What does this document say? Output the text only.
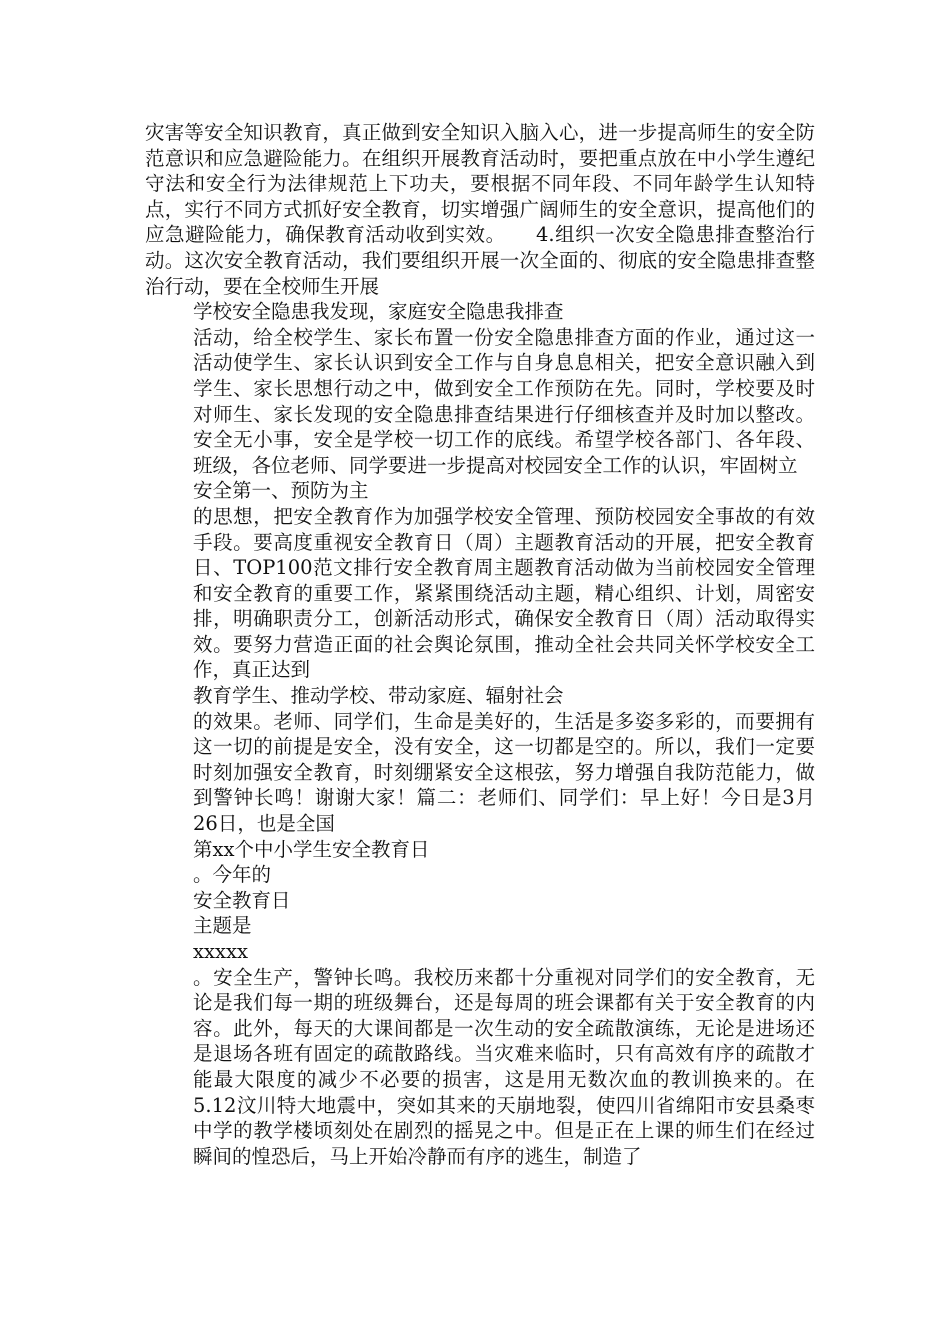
灾害等安全知识教育，真正做到安全知识入脑入心，进一步提高师生的安全防范意识和应急避险能力。在组织开展教育活动时，要把重点放在中小学生遵纪守法和安全行为法律规范上下功夫，要根据不同年段、不同年龄学生认知特点，实行不同方式抓好安全教育，切实增强广阔师生的安全意识，提高他们的应急避险能力，确保教育活动收到实效。　　4.组织一次安全隐患排查整治行动。这次安全教育活动，我们要组织开展一次全面的、彻底的安全隐患排查整治行动，要在全校师生开展

学校安全隐患我发现，家庭安全隐患我排查

活动，给全校学生、家长布置一份安全隐患排查方面的作业，通过这一活动使学生、家长认识到安全工作与自身息息相关，把安全意识融入到学生、家长思想行动之中，做到安全工作预防在先。同时，学校要及时对师生、家长发现的安全隐患排查结果进行仔细核查并及时加以整改。安全无小事，安全是学校一切工作的底线。希望学校各部门、各年段、班级，各位老师、同学要进一步提高对校园安全工作的认识，牢固树立

安全第一、预防为主

的思想，把安全教育作为加强学校安全管理、预防校园安全事故的有效手段。要高度重视安全教育日（周）主题教育活动的开展，把安全教育日、TOP100范文排行安全教育周主题教育活动做为当前校园安全管理和安全教育的重要工作，紧紧围绕活动主题，精心组织、计划，周密安排，明确职责分工，创新活动形式，确保安全教育日（周）活动取得实效。要努力营造正面的社会舆论氛围，推动全社会共同关怀学校安全工作，真正达到

教育学生、推动学校、带动家庭、辐射社会

的效果。老师、同学们，生命是美好的，生活是多姿多彩的，而要拥有这一切的前提是安全，没有安全，这一切都是空的。所以，我们一定要时刻加强安全教育，时刻绷紧安全这根弦，努力增强自我防范能力，做到警钟长鸣！谢谢大家！篇二：老师们、同学们：早上好！今日是3月26日，也是全国

第xx个中小学生安全教育日

。今年的

安全教育日

主题是

xxxxx

。安全生产，警钟长鸣。我校历来都十分重视对同学们的安全教育，无论是我们每一期的班级舞台，还是每周的班会课都有关于安全教育的内容。此外，每天的大课间都是一次生动的安全疏散演练，无论是进场还是退场各班有固定的疏散路线。当灾难来临时，只有高效有序的疏散才能最大限度的减少不必要的损害，这是用无数次血的教训换来的。在5.12汶川特大地震中，突如其来的天崩地裂，使四川省绵阳市安县桑枣中学的教学楼顷刻处在剧烈的摇晃之中。但是正在上课的师生们在经过瞬间的惶恐后，马上开始冷静而有序的逃生，制造了
